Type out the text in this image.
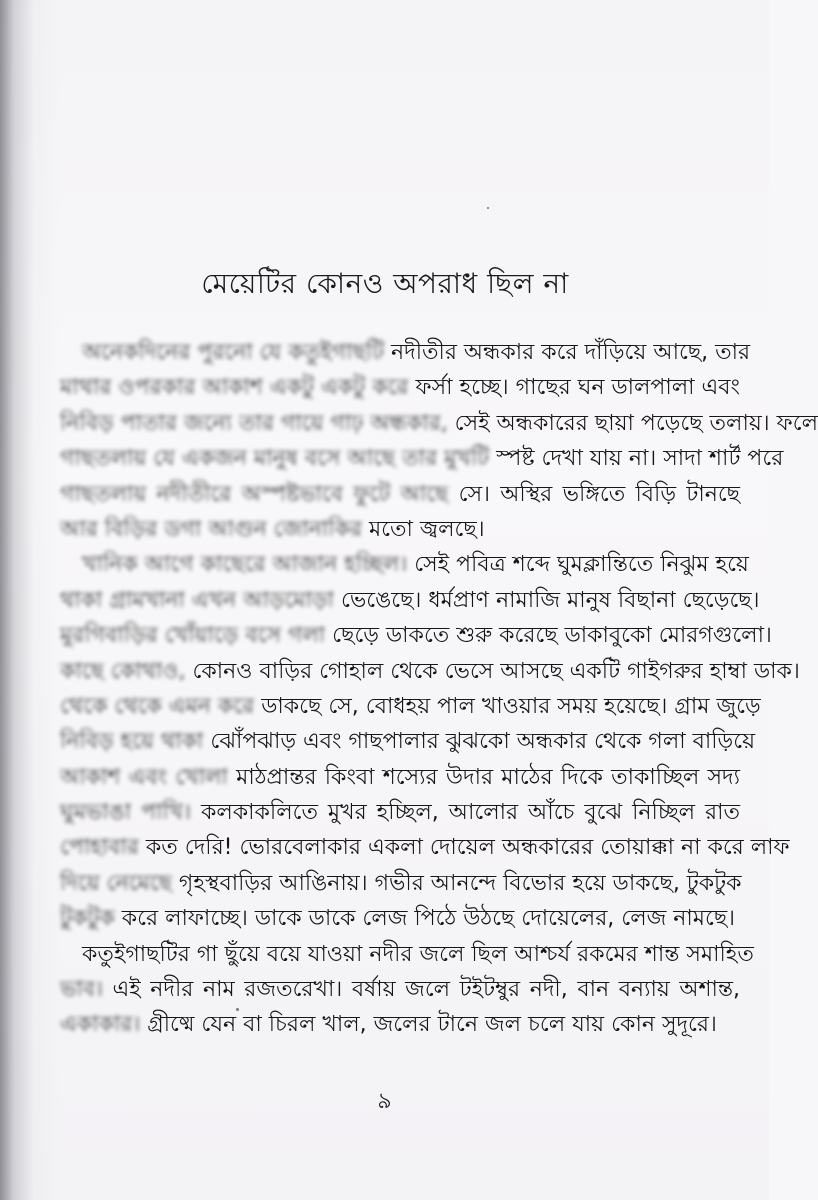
মেয়েটির কোনও অপরাধ ছিল না
অনেকদিনের পুরনো যে কতুইগাছটি নদীতীর অন্ধকার করে দাঁড়িয়ে আছে, তার
মাথার ওপরকার আকাশ একটু একটু করে ফর্সা হচ্ছে। গাছের ঘন ডালপালা এবং
নিবিড় পাতার জন্যে তার গায়ে গাঢ় অন্ধকার, সেই অন্ধকারের ছায়া পড়েছে তলায়। ফলে
গাছতলায় যে একজন মানুষ বসে আছে তার মুখটি স্পষ্ট দেখা যায় না। সাদা শার্ট পরে
গাছতলায় নদীতীরে অস্পষ্টভাবে ফুটে আছে সে। অস্থির ভঙ্গিতে বিড়ি টানছে
আর বিড়ির ডগা আগুন জোনাকির মতো জ্বলছে।
খানিক আগে কাছেরে আজান হচ্ছিল। সেই পবিত্র শব্দে ঘুমক্লান্তিতে নিঝুম হয়ে
থাকা গ্রামখানা এখন আড়মোড়া ভেঙেছে। ধর্মপ্রাণ নামাজি মানুষ বিছানা ছেড়েছে।
মুরগিবাড়ির খোঁয়াড়ে বসে গলা ছেড়ে ডাকতে শুরু করেছে ডাকাবুকো মোরগগুলো।
কাছে কোথাও, কোনও বাড়ির গোহাল থেকে ভেসে আসছে একটি গাইগরুর হাম্বা ডাক।
থেকে থেকে এমন করে ডাকছে সে, বোধহয় পাল খাওয়ার সময় হয়েছে। গ্রাম জুড়ে
নিবিড় হয়ে থাকা ঝোঁপঝাড় এবং গাছপালার ঝুঝকো অন্ধকার থেকে গলা বাড়িয়ে
আকাশ এবং খোলা মাঠপ্রান্তর কিংবা শস্যের উদার মাঠের দিকে তাকাচ্ছিল সদ্য
ঘুমভাঙা পাখি। কলকাকলিতে মুখর হচ্ছিল, আলোর আঁচে বুঝে নিচ্ছিল রাত
পোহাবার কত দেরি! ভোরবেলাকার একলা দোয়েল অন্ধকারের তোয়াক্কা না করে লাফ
দিয়ে নেমেছে গৃহস্থবাড়ির আঙিনায়। গভীর আনন্দে বিভোর হয়ে ডাকছে, টুকটুক
টুকটুক করে লাফাচ্ছে। ডাকে ডাকে লেজ পিঠে উঠছে দোয়েলের, লেজ নামছে।
কতুইগাছটির গা ছুঁয়ে বয়ে যাওয়া নদীর জলে ছিল আশ্চর্য রকমের শান্ত সমাহিত
ভাব। এই নদীর নাম রজতরেখা। বর্ষায় জলে টইটম্বুর নদী, বান বন্যায় অশান্ত,
একাকার। গ্রীষ্মে যেন বা চিরল খাল, জলের টানে জল চলে যায় কোন সুদূরে।
৯
